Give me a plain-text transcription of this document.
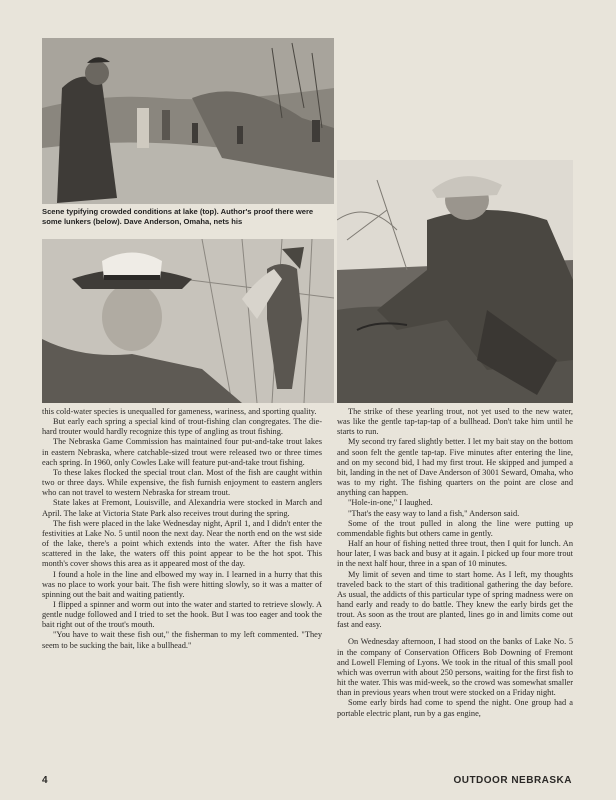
Scene typifying crowded conditions at lake (top). Author's proof there were some lunkers (below). Dave Anderson, Omaha, nets his

this cold-water species is unequalled for gameness, wariness, and sporting quality.

But early each spring a special kind of trout-fishing clan congregates. The die-hard trouter would hardly recognize this type of angling as trout fishing.

The Nebraska Game Commission has maintained four put-and-take trout lakes in eastern Nebraska, where catchable-sized trout were released two or three times each spring. In 1960, only Cowles Lake will feature put-and-take trout fishing.

To these lakes flocked the special trout clan. Most of the fish are caught within two or three days. While expensive, the fish furnish enjoyment to eastern anglers who can not travel to western Nebraska for stream trout.

State lakes at Fremont, Louisville, and Alexandria were stocked in March and April. The lake at Victoria State Park also receives trout during the spring.

The fish were placed in the lake Wednesday night, April 1, and I didn't enter the festivities at Lake No. 5 until noon the next day. Near the north end on the wst side of the lake, there's a point which extends into the water. After the fish have scattered in the lake, the waters off this point appear to be the hot spot. This month's cover shows this area as it appeared most of the day.

I found a hole in the line and elbowed my way in. I learned in a hurry that this was no place to work your bait. The fish were hitting slowly, so it was a matter of spinning out the bait and waiting patiently.

I flipped a spinner and worm out into the water and started to retrieve slowly. A gentle nudge followed and I tried to set the hook. But I was too eager and took the bait right out of the trout's mouth.

"You have to wait these fish out," the fisherman to my left commented. "They seem to be sucking the bait, like a bullhead."

The strike of these yearling trout, not yet used to the new water, was like the gentle tap-tap-tap of a bullhead. Don't take him until he starts to run.

My second try fared slightly better. I let my bait stay on the bottom and soon felt the gentle tap-tap. Five minutes after entering the line, and on my second bid, I had my first trout. He skipped and jumped a bit, landing in the net of Dave Anderson of 3001 Seward, Omaha, who was to my right. The fishing quarters on the point are close and anything can happen.

"Hole-in-one," I laughed.

"That's the easy way to land a fish," Anderson said.

Some of the trout pulled in along the line were putting up commendable fights but others came in gently.

Half an hour of fishing netted three trout, then I quit for lunch. An hour later, I was back and busy at it again. I picked up four more trout in the next half hour, three in a span of 10 minutes.

My limit of seven and time to start home. As I left, my thoughts traveled back to the start of this traditional gathering the day before. As usual, the addicts of this particular type of spring madness were on hand early and ready to do battle. They knew the early birds get the trout. As soon as the trout are planted, lines go in and limits come out fast and easy.

On Wednesday afternoon, I had stood on the banks of Lake No. 5 in the company of Conservation Officers Bob Downing of Fremont and Lowell Fleming of Lyons. We took in the ritual of this small pool which was overrun with about 250 persons, waiting for the first fish to hit the water. This was mid-week, so the crowd was somewhat smaller than in previous years when trout were stocked on a Friday night.

Some early birds had come to spend the night. One group had a portable electric plant, run by a gas engine,

4	OUTDOOR NEBRASKA
